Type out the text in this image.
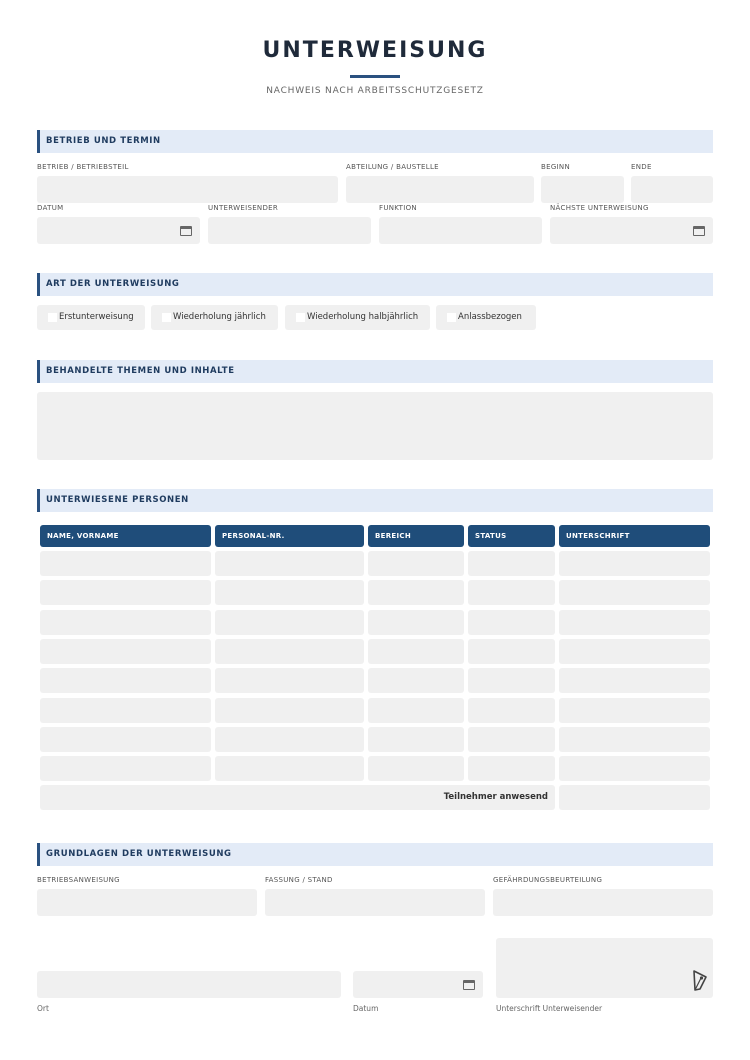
UNTERWEISUNG
NACHWEIS NACH ARBEITSSCHUTZGESETZ
BETRIEB UND TERMIN
BETRIEB / BETRIEBSTEIL	ABTEILUNG / BAUSTELLE	BEGINN	ENDE
DATUM	UNTERWEISENDER	FUNKTION	NÄCHSTE UNTERWEISUNG
ART DER UNTERWEISUNG
Erstunterweisung	Wiederholung jährlich	Wiederholung halbjährlich	Anlassbezogen
BEHANDELTE THEMEN UND INHALTE
UNTERWIESENE PERSONEN
NAME, VORNAME	PERSONAL-NR.	BEREICH	STATUS	UNTERSCHRIFT
Teilnehmer anwesend
GRUNDLAGEN DER UNTERWEISUNG
BETRIEBSANWEISUNG	FASSUNG / STAND	GEFÄHRDUNGSBEURTEILUNG
Ort	Datum	Unterschrift Unterweisender
